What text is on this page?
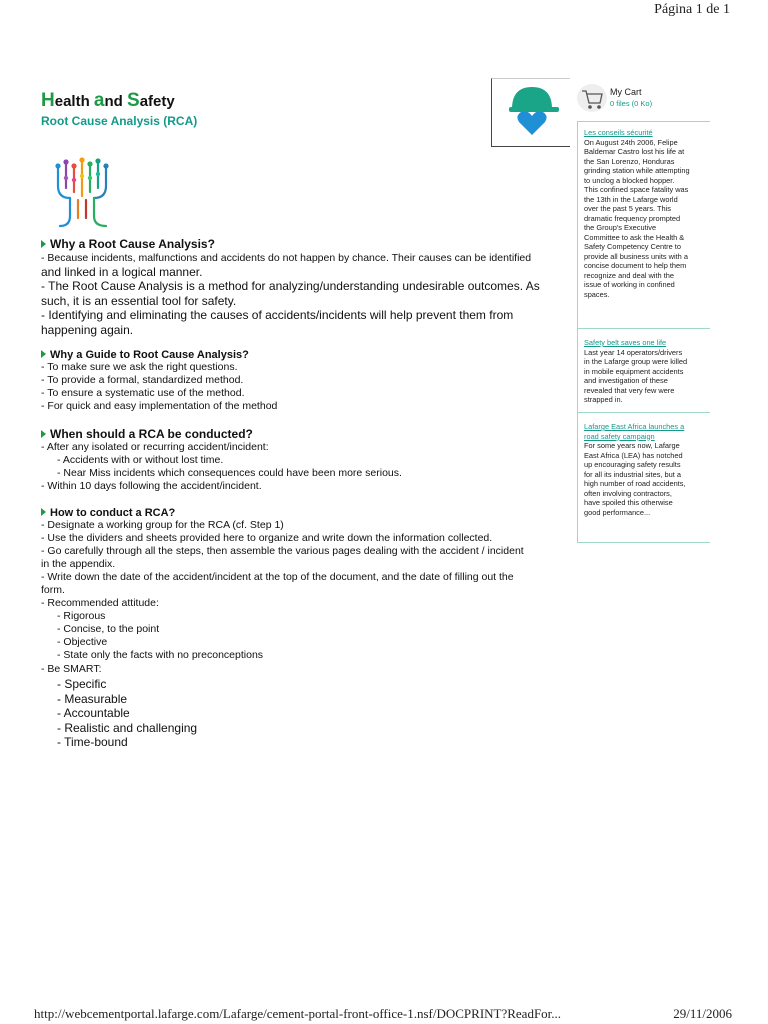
Página 1 de 1
Health and Safety
Root Cause Analysis (RCA)
My Cart
0 files (0 Ko)
Les conseils sécurité
On August 24th 2006, Felipe
Baldemar Castro lost his life at
the San Lorenzo, Honduras
grinding station while attempting
to unclog a blocked hopper.
This confined space fatality was
the 13th in the Lafarge world
over the past 5 years. This
dramatic frequency prompted
the Group's Executive
Committee to ask the Health &
Safety Competency Centre to
provide all business units with a
concise document to help them
recognize and deal with the
issue of working in confined
spaces.
Safety belt saves one life
Last year 14 operators/drivers
in the Lafarge group were killed
in mobile equipment accidents
and investigation of these
revealed that very few were
strapped in.
Lafarge East Africa launches a
road safety campaign
For some years now, Lafarge
East Africa (LEA) has notched
up encouraging safety results
for all its industrial sites, but a
high number of road accidents,
often involving contractors,
have spoiled this otherwise
good performance...
Why a Root Cause Analysis?
- Because incidents, malfunctions and accidents do not happen by chance. Their causes can be identified
and linked in a logical manner.
- The Root Cause Analysis is a method for analyzing/understanding undesirable outcomes. As
such, it is an essential tool for safety.
- Identifying and eliminating the causes of accidents/incidents will help prevent them from
happening again.
Why a Guide to Root Cause Analysis?
- To make sure we ask the right questions.
- To provide a formal, standardized method.
- To ensure a systematic use of the method.
- For quick and easy implementation of the method
When should a RCA be conducted?
- After any isolated or recurring accident/incident:
- Accidents with or without lost time.
- Near Miss incidents which consequences could have been more serious.
- Within 10 days following the accident/incident.
How to conduct a RCA?
- Designate a working group for the RCA (cf. Step 1)
- Use the dividers and sheets provided here to organize and write down the information collected.
- Go carefully through all the steps, then assemble the various pages dealing with the accident / incident
in the appendix.
- Write down the date of the accident/incident at the top of the document, and the date of filling out the
form.
- Recommended attitude:
- Rigorous
- Concise, to the point
- Objective
- State only the facts with no preconceptions
- Be SMART:
- Specific
- Measurable
- Accountable
- Realistic and challenging
- Time-bound
http://webcementportal.lafarge.com/Lafarge/cement-portal-front-office-1.nsf/DOCPRINT?ReadFor...	29/11/2006
